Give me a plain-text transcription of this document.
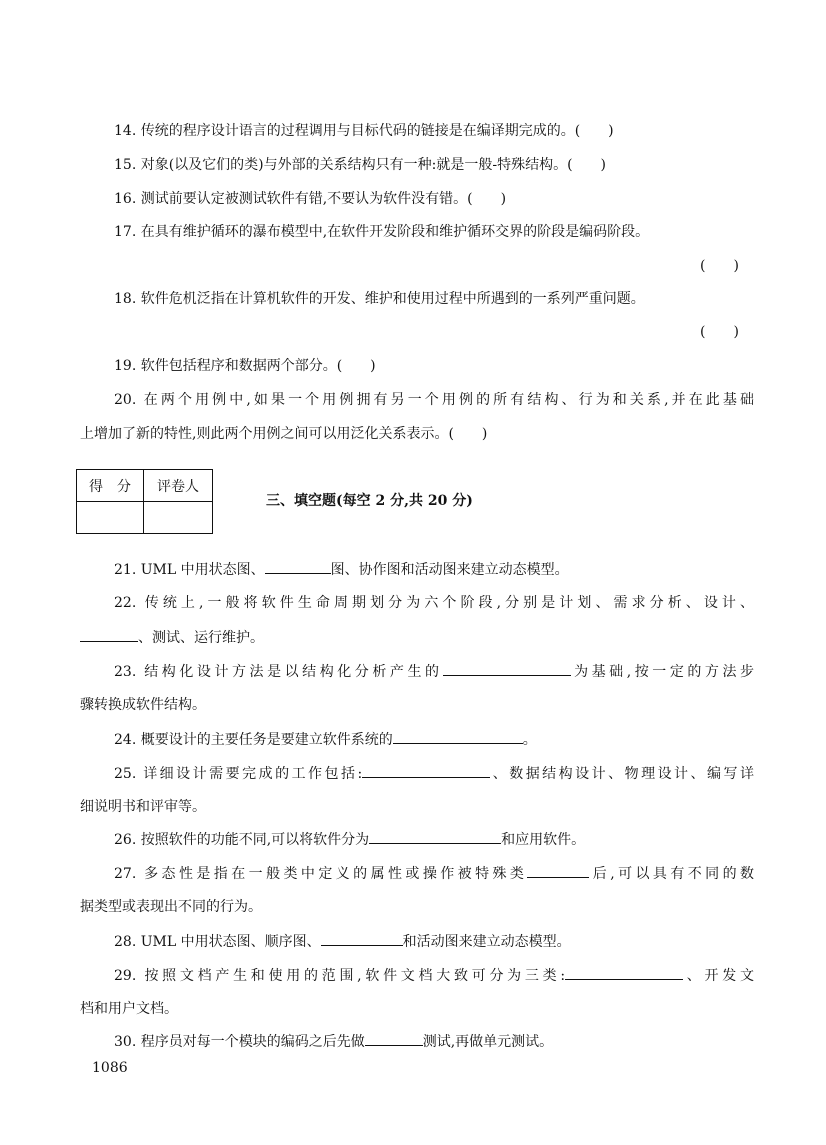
14. 传统的程序设计语言的过程调用与目标代码的链接是在编译期完成的。(　　)
15. 对象(以及它们的类)与外部的关系结构只有一种:就是一般-特殊结构。(　　)
16. 测试前要认定被测试软件有错,不要认为软件没有错。(　　)
17. 在具有维护循环的瀑布模型中,在软件开发阶段和维护循环交界的阶段是编码阶段。
(　　)
18. 软件危机泛指在计算机软件的开发、维护和使用过程中所遇到的一系列严重问题。
(　　)
19. 软件包括程序和数据两个部分。(　　)
20. 在两个用例中,如果一个用例拥有另一个用例的所有结构、行为和关系,并在此基础
上增加了新的特性,则此两个用例之间可以用泛化关系表示。(　　)
得　分	评卷人

三、填空题(每空 2 分,共 20 分)
21. UML 中用状态图、	图、协作图和活动图来建立动态模型。
22. 传统上,一般将软件生命周期划分为六个阶段,分别是计划、需求分析、设计、
、测试、运行维护。
23. 结构化设计方法是以结构化分析产生的	为基础,按一定的方法步
骤转换成软件结构。
24. 概要设计的主要任务是要建立软件系统的	。
25. 详细设计需要完成的工作包括:	、数据结构设计、物理设计、编写详
细说明书和评审等。
26. 按照软件的功能不同,可以将软件分为	和应用软件。
27. 多态性是指在一般类中定义的属性或操作被特殊类	后,可以具有不同的数
据类型或表现出不同的行为。
28. UML 中用状态图、顺序图、	和活动图来建立动态模型。
29. 按照文档产生和使用的范围,软件文档大致可分为三类:	、开发文
档和用户文档。
30. 程序员对每一个模块的编码之后先做	测试,再做单元测试。
1086
